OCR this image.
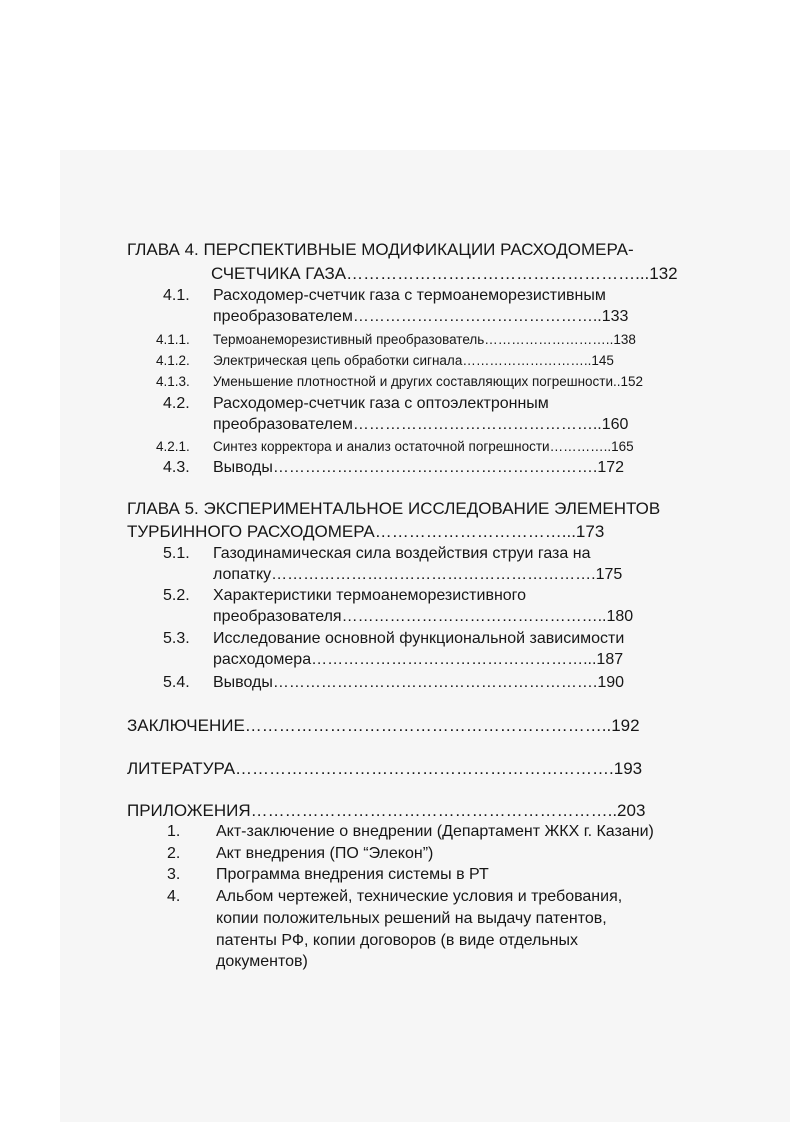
ГЛАВА 4. ПЕРСПЕКТИВНЫЕ МОДИФИКАЦИИ РАСХОДОМЕРА-
СЧЕТЧИКА ГАЗА……………………………………………...132
4.1. Расходомер-счетчик газа с термоанеморезистивным
преобразователем………………………………………..133
4.1.1. Термоанемоpезистивный преобразователь………………………..138
4.1.2. Электрическая цепь обработки сигнала………………………..145
4.1.3. Уменьшение плотностной и других составляющих погрешности..152
4.2. Расходомер-счетчик газа с оптоэлектронным
преобразователем………………………………………..160
4.2.1. Синтез корректора и анализ остаточной погрешности…………..165
4.3. Выводы…………………………………………………….172
ГЛАВА 5. ЭКСПЕРИМЕНТАЛЬНОЕ ИССЛЕДОВАНИЕ ЭЛЕМЕНТОВ
ТУРБИННОГО РАСХОДОМЕРА……………………………...173
5.1. Газодинамическая сила воздействия струи газа на
лопатку…………………………………………………….175
5.2. Характеристики термоанемоpезистивного
преобразователя…………………………………………..180
5.3. Исследование основной функциональной зависимости
расходомера……………………………………………...187
5.4. Выводы…………………………………………………….190
ЗАКЛЮЧЕНИЕ………………………………………………………..192
ЛИТЕРАТУРА………………………………………………………….193
ПРИЛОЖЕНИЯ………………………………………………………..203
1. Акт-заключение о внедрении (Департамент ЖКХ г. Казани)
2. Акт внедрения (ПО “Элекон”)
3. Программа внедрения системы в РТ
4. Альбом чертежей, технические условия и требования,
копии положительных решений на выдачу патентов,
патенты РФ, копии договоров (в виде отдельных
документов)
